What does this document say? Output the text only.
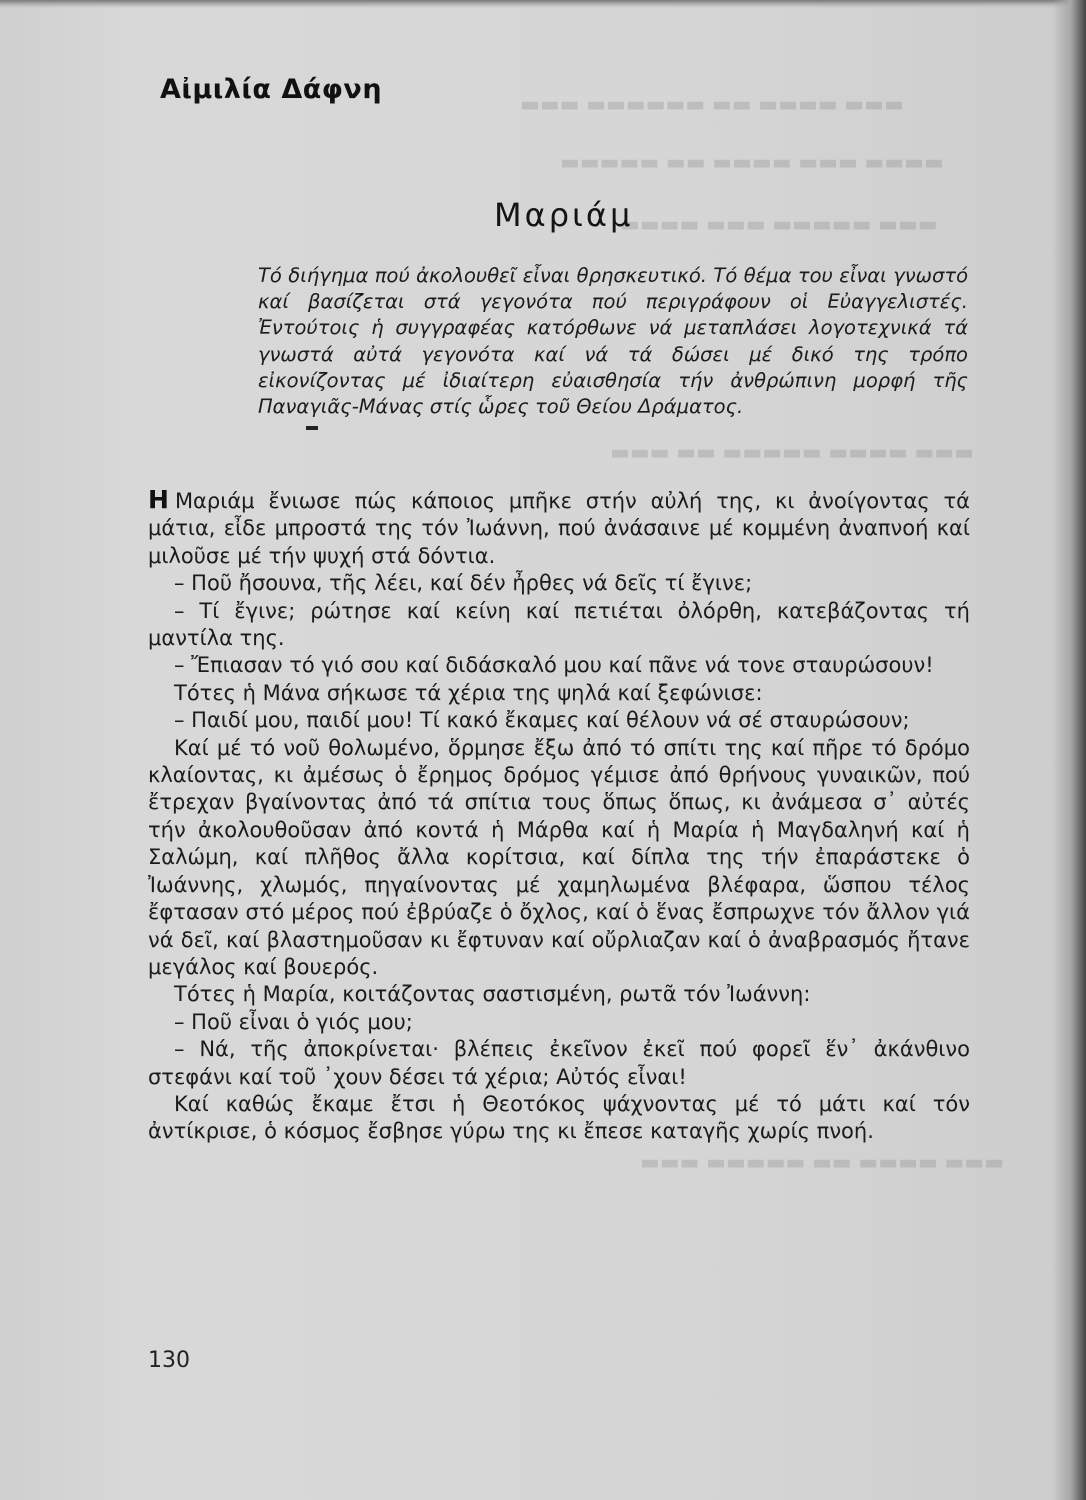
▬▬▬ ▬▬▬▬ ▬▬ ▬▬▬▬▬▬ ▬▬▬
▬▬▬▬ ▬▬▬ ▬▬▬▬ ▬▬ ▬▬▬▬▬
▬▬▬ ▬▬▬▬▬ ▬▬▬ ▬▬▬▬
▬▬▬ ▬▬▬▬ ▬▬▬▬▬ ▬▬ ▬▬▬
▬▬▬ ▬▬▬▬ ▬▬ ▬▬▬▬▬ ▬▬▬
Αἰμιλία Δάφνη
Μαριάμ

Τό διήγημα πού ἀκολουθεῖ εἶναι θρησκευτικό. Τό θέμα του εἶναι γνωστό καί βασίζεται στά γεγονότα πού περιγράφουν οἱ Εὐαγγελιστές. Ἐντούτοις ἡ συγγραφέας κατόρθωνε νά μεταπλάσει λογοτεχνικά τά γνωστά αὐτά γεγονότα καί νά τά δώσει μέ δικό της τρόπο εἰκονίζοντας μέ ἰδιαίτερη εὐαισθησία τήν ἀνθρώπινη μορφή τῆς Παναγιᾶς-Μάνας στίς ὧρες τοῦ Θείου Δράματος.

Η Μαριάμ ἔνιωσε πώς κάποιος μπῆκε στήν αὐλή της, κι ἀνοίγοντας τά μάτια, εἶδε μπροστά της τόν Ἰωάννη, πού ἀνάσαινε μέ κομμένη ἀναπνοή καί μιλοῦσε μέ τήν ψυχή στά δόντια.

– Ποῦ ἤσουνα, τῆς λέει, καί δέν ἦρθες νά δεῖς τί ἔγινε;

– Τί ἔγινε; ρώτησε καί κείνη καί πετιέται ὀλόρθη, κατεβάζοντας τή μαντίλα της.

– Ἔπιασαν τό γιό σου καί διδάσκαλό μου καί πᾶνε νά τονε σταυρώσουν!

Τότες ἡ Μάνα σήκωσε τά χέρια της ψηλά καί ξεφώνισε:

– Παιδί μου, παιδί μου! Τί κακό ἔκαμες καί θέλουν νά σέ σταυρώσουν;

Καί μέ τό νοῦ θολωμένο, ὅρμησε ἔξω ἀπό τό σπίτι της καί πῆρε τό δρόμο κλαίοντας, κι ἀμέσως ὁ ἔρημος δρόμος γέμισε ἀπό θρήνους γυναικῶν, πού ἔτρεχαν βγαίνοντας ἀπό τά σπίτια τους ὅπως ὅπως, κι ἀνάμεσα σ᾿ αὐτές τήν ἀκολουθοῦσαν ἀπό κοντά ἡ Μάρθα καί ἡ Μαρία ἡ Μαγδαληνή καί ἡ Σαλώμη, καί πλῆθος ἄλλα κορίτσια, καί δίπλα της τήν ἐπαράστεκε ὁ Ἰωάννης, χλωμός, πηγαίνοντας μέ χαμηλωμένα βλέφαρα, ὥσπου τέλος ἔφτασαν στό μέρος πού ἐβρύαζε ὁ ὄχλος, καί ὁ ἕνας ἔσπρωχνε τόν ἄλλον γιά νά δεῖ, καί βλαστημοῦσαν κι ἔφτυναν καί οὔρλιαζαν καί ὁ ἀναβρασμός ἤτανε μεγάλος καί βουερός.

Τότες ἡ Μαρία, κοιτάζοντας σαστισμένη, ρωτᾶ τόν Ἰωάννη:

– Ποῦ εἶναι ὁ γιός μου;

– Νά, τῆς ἀποκρίνεται· βλέπεις ἐκεῖνον ἐκεῖ πού φορεῖ ἕν᾿ ἀκάνθινο στεφάνι καί τοῦ ᾿χουν δέσει τά χέρια; Αὐτός εἶναι!

Καί καθώς ἔκαμε ἔτσι ἡ Θεοτόκος ψάχνοντας μέ τό μάτι καί τόν ἀντίκρισε, ὁ κόσμος ἔσβησε γύρω της κι ἔπεσε καταγῆς χωρίς πνοή.

130
